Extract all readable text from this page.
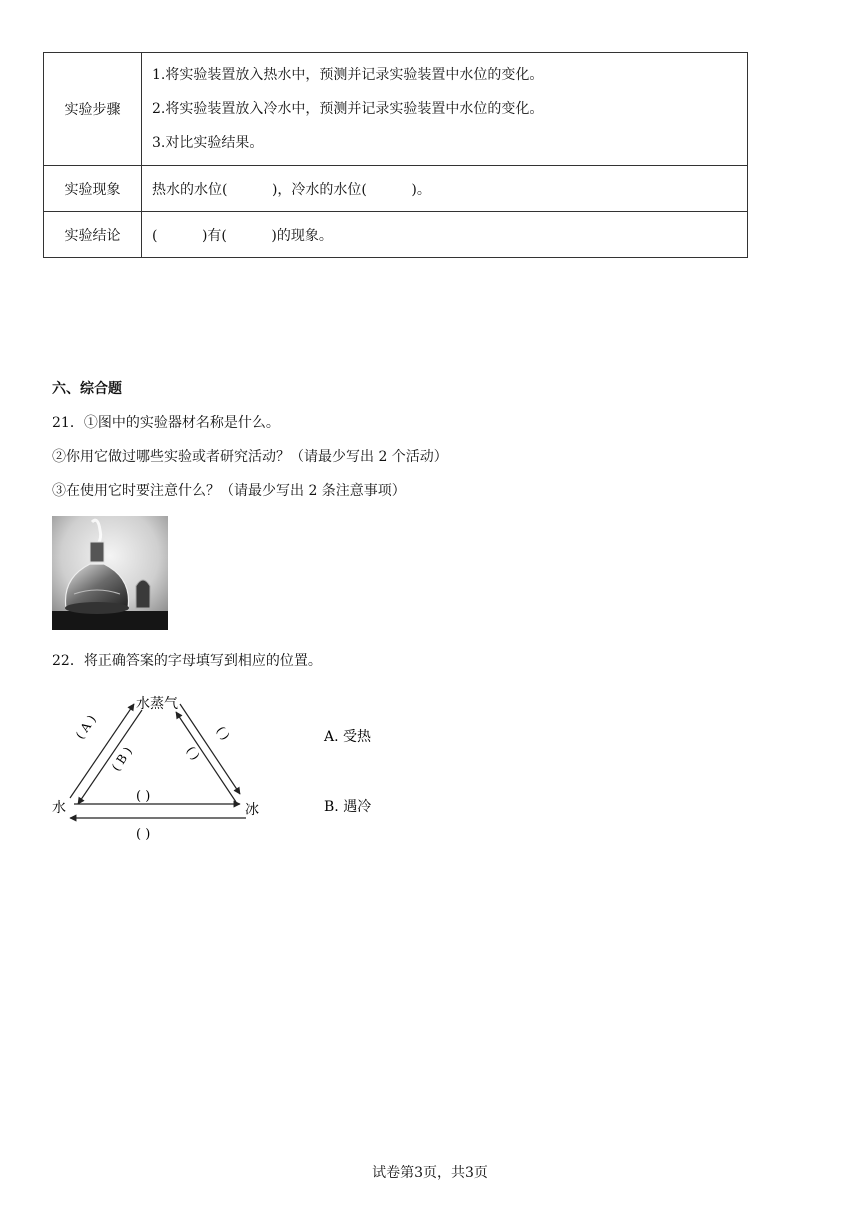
实验步骤	1.将实验装置放入热水中，预测并记录实验装置中水位的变化。
2.将实验装置放入冷水中，预测并记录实验装置中水位的变化。
3.对比实验结果。

实验现象	热水的水位(          )，冷水的水位(          )。
实验结论	(          )有(          )的现象。
六、综合题
21．①图中的实验器材名称是什么。
②你用它做过哪些实验或者研究活动？（请最少写出 2 个活动）
③在使用它时要注意什么？（请最少写出 2 条注意事项）
22．将正确答案的字母填写到相应的位置。
水蒸气
水	冰
( A )
( B )
( )
( )
( )
( )
A. 受热
B. 遇冷
试卷第3页，共3页
